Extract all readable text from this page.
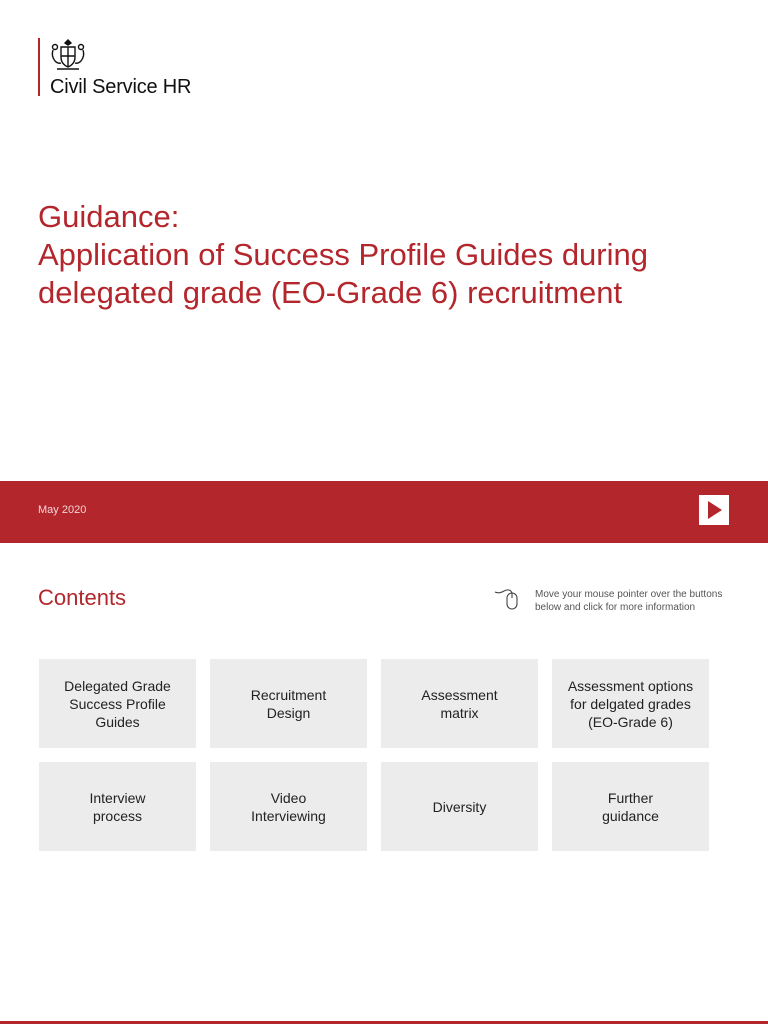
Civil Service HR
Guidance:
Application of Success Profile Guides during
delegated grade (EO-Grade 6) recruitment
May 2020
Contents	Move your mouse pointer over the buttons
below and click for more information
Delegated Grade
Success Profile
Guides
Recruitment
Design
Assessment
matrix
Assessment options
for delgated grades
(EO-Grade 6)
Interview
process
Video
Interviewing
Diversity
Further
guidance
